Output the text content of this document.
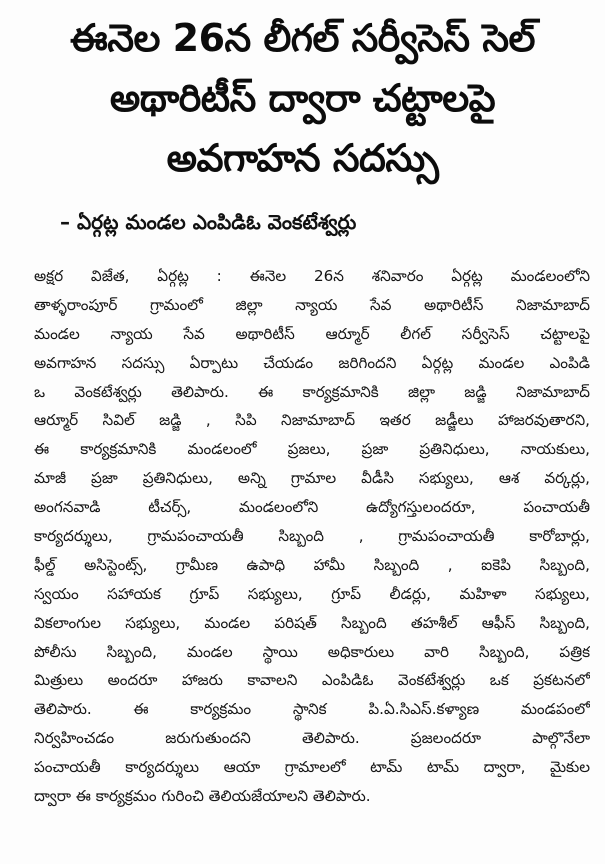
ఈనెల 26న లీగల్ సర్వీసెస్ సెల్
అథారిటీస్ ద్వారా చట్టాలపై
అవగాహన సదస్సు
– ఏర్గట్ల మండల ఎంపిడిఓ వెంకటేశ్వర్లు
అక్షర విజేత, ఏర్గట్ల : ఈనెల 26న శనివారం ఏర్గట్ల మండలంలోని
తాళ్ళరాంపూర్ గ్రామంలో జిల్లా న్యాయ సేవ అథారిటీస్ నిజామాబాద్
మండల న్యాయ సేవ అథారిటీస్ ఆర్మూర్ లీగల్ సర్వీసెస్ చట్టాలపై
అవగాహన సదస్సు ఏర్పాటు చేయడం జరిగిందని ఏర్గట్ల మండల ఎంపిడి
ఒ వెంకటేశ్వర్లు తెలిపారు. ఈ కార్యక్రమానికి జిల్లా జడ్జి నిజామాబాద్
ఆర్మూర్ సివిల్ జడ్జి , సిపి నిజామాబాద్ ఇతర జడ్జీలు హాజరవుతారని,
ఈ కార్యక్రమానికి మండలంలో ప్రజలు, ప్రజా ప్రతినిధులు, నాయకులు,
మాజీ ప్రజా ప్రతినిధులు, అన్ని గ్రామాల వీడీసి సభ్యులు, ఆశ వర్కర్లు,
అంగనవాడి టీచర్స్, మండలంలోని ఉద్యోగస్తులందరూ, పంచాయతీ
కార్యదర్శులు, గ్రామపంచాయతీ సిబ్బంది , గ్రామపంచాయతీ కారోబార్లు,
ఫీల్డ్ అసిస్టెంట్స్, గ్రామీణ ఉపాధి హామీ సిబ్బంది , ఐకెపి సిబ్బంది,
స్వయం సహాయక గ్రూప్ సభ్యులు, గ్రూప్ లీడర్లు, మహిళా సభ్యులు,
వికలాంగుల సభ్యులు, మండల పరిషత్ సిబ్బంది తహశీల్ ఆఫీస్ సిబ్బంది,
పోలీసు సిబ్బంది, మండల స్థాయి అధికారులు వారి సిబ్బంది, పత్రిక
మిత్రులు అందరూ హాజరు కావాలని ఎంపిడిఓ వెంకటేశ్వర్లు ఒక ప్రకటనలో
తెలిపారు. ఈ కార్యక్రమం స్థానిక పి.ఏ.సిఎస్.కళ్యాణ మండపంలో
నిర్వహించడం జరుగుతుందని తెలిపారు. ప్రజలందరూ పాల్గొనేలా
పంచాయతీ కార్యదర్శులు ఆయా గ్రామాలలో టామ్ టామ్ ద్వారా, మైకుల
ద్వారా ఈ కార్యక్రమం గురించి తెలియజేయాలని తెలిపారు.
